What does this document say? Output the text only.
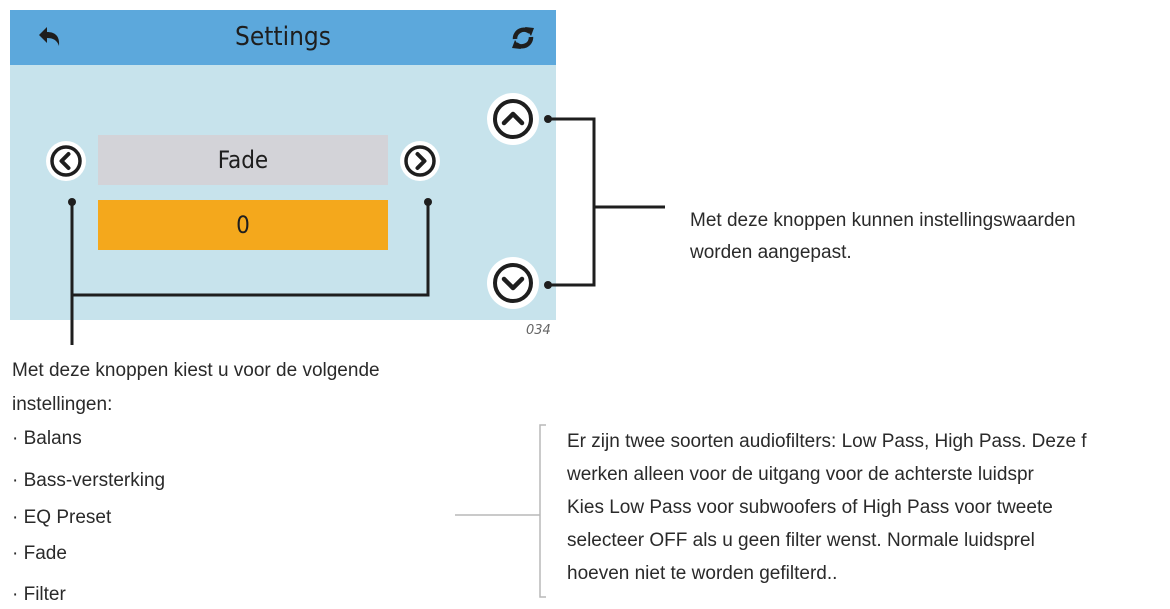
Settings
Fade
0
034
Met deze knoppen kunnen instellingswaarden
worden aangepast.
Met deze knoppen kiest u voor de volgende
instellingen:
· Balans
· Bass-versterking
· EQ Preset
· Fade
· Filter
Er zijn twee soorten audiofilters: Low Pass, High Pass. Deze f
werken alleen voor de uitgang voor de achterste luidspr
Kies Low Pass voor subwoofers of High Pass voor tweete
selecteer OFF als u geen filter wenst. Normale luidsprel
hoeven niet te worden gefilterd..
